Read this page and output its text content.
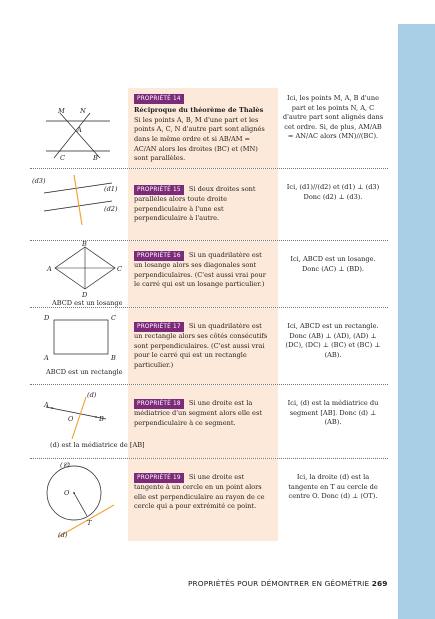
M N
A
C	B
PROPRIÉTÉ 14
Réciproque du théorème de Thalès
Si les points A, B, M d'une part et les points A, C, N d'autre part sont alignés dans le même ordre et si AB/AM = AC/AN alors les droites (BC) et (MN) sont parallèles.
Ici, les points M, A, B d'une part et les points N, A, C d'autre part sont alignés dans cet ordre. Si, de plus, AM/AB = AN/AC alors (MN)//(BC).
(d3)
(d1)
(d2)
PROPRIÉTÉ 15 Si deux droites sont parallèles alors toute droite perpendiculaire à l'une est perpendiculaire à l'autre.
Ici, (d1)//(d2) et (d1) ⊥ (d3) Donc (d2) ⊥ (d3).
B
A	C
D
ABCD est un losange
PROPRIÉTÉ 16 Si un quadrilatère est un losange alors ses diagonales sont perpendiculaires. (C'est aussi vrai pour le carré qui est un losange particulier.)
Ici, ABCD est un losange. Donc (AC) ⊥ (BD).
D	C
A	B
ABCD est un rectangle
PROPRIÉTÉ 17 Si un quadrilatère est un rectangle alors ses côtés consécutifs sont perpendiculaires. (C'est aussi vrai pour le carré qui est un rectangle particulier.)
Ici, ABCD est un rectangle. Donc (AB) ⊥ (AD), (AD) ⊥ (DC), (DC) ⊥ (BC) et (BC) ⊥ (AB).
(d)
A
O	B
(d) est la médiatrice de [AB]
PROPRIÉTÉ 18 Si une droite est la médiatrice d'un segment alors elle est perpendiculaire à ce segment.
Ici, (d) est la médiatrice du segment [AB]. Donc (d) ⊥ (AB).
(𝒞)
O
T
(d)
PROPRIÉTÉ 19 Si une droite est tangente à un cercle en un point alors elle est perpendiculaire au rayon de ce cercle qui a pour extrémité ce point.
Ici, la droite (d) est la tangente en T au cercle de centre O. Donc (d) ⊥ (OT).
PROPRIÉTÉS POUR DÉMONTRER EN GÉOMÉTRIE 269
